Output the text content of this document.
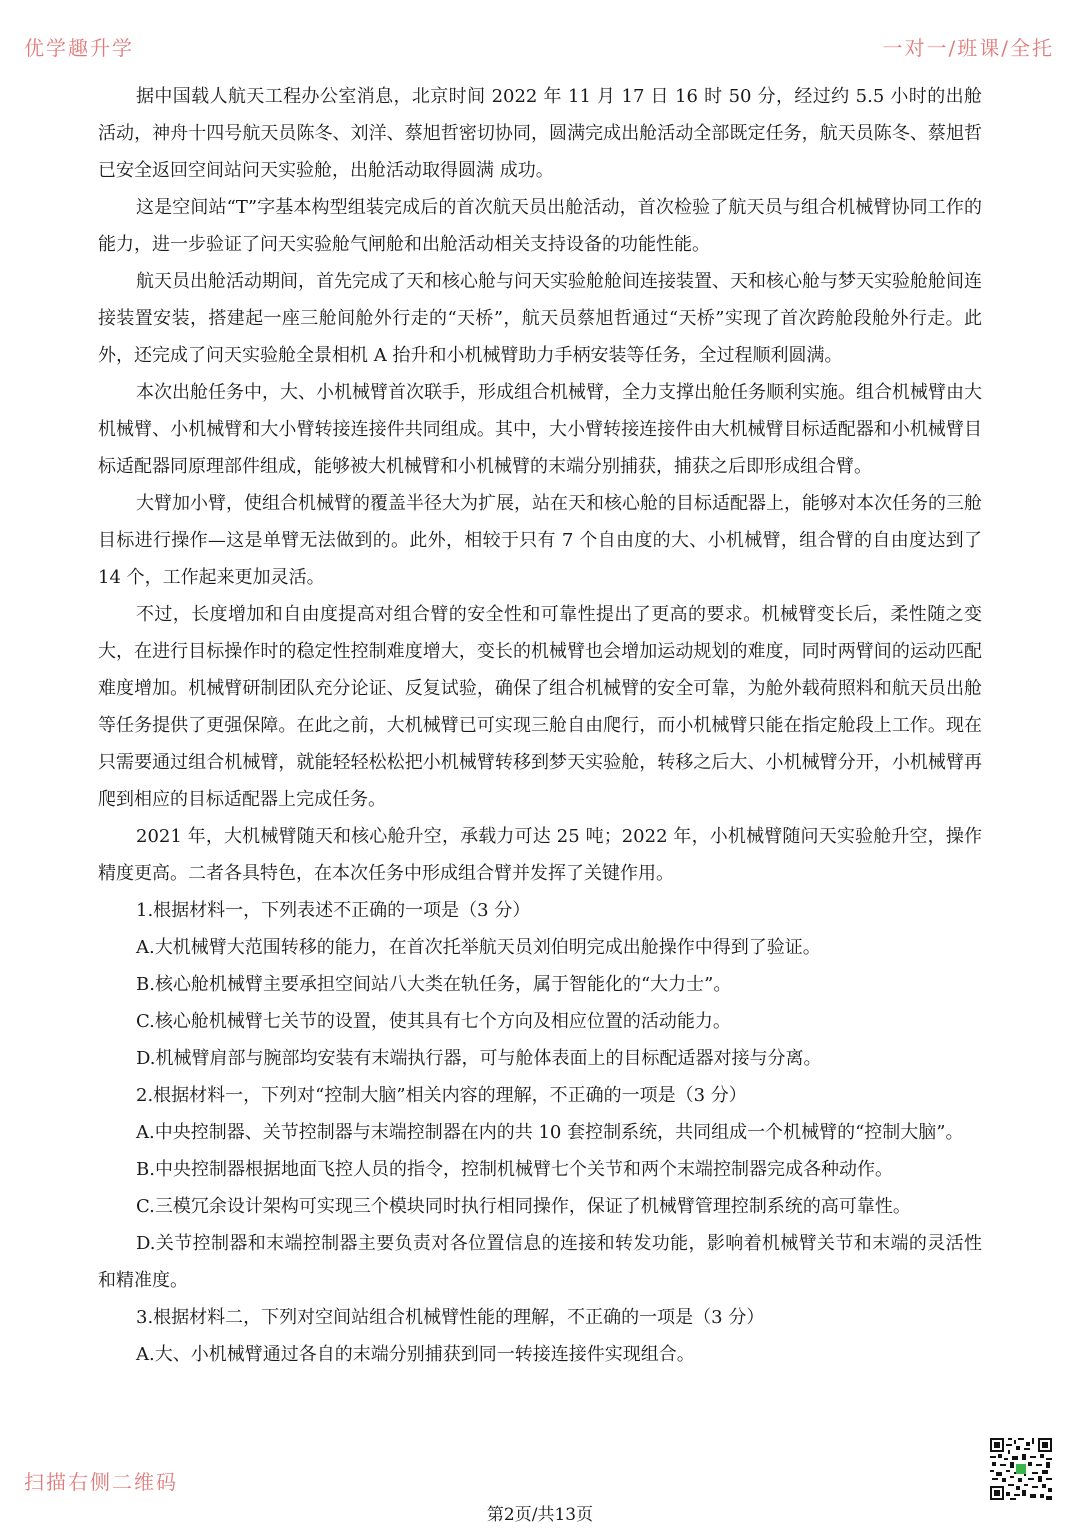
优学趣升学	一对一/班课/全托

据中国载人航天工程办公室消息，北京时间 2022 年 11 月 17 日 16 时 50 分，经过约 5.5 小时的出舱活动，神舟十四号航天员陈冬、刘洋、蔡旭哲密切协同，圆满完成出舱活动全部既定任务，航天员陈冬、蔡旭哲已安全返回空间站问天实验舱，出舱活动取得圆满 成功。

这是空间站“T”字基本构型组装完成后的首次航天员出舱活动，首次检验了航天员与组合机械臂协同工作的能力，进一步验证了问天实验舱气闸舱和出舱活动相关支持设备的功能性能。

航天员出舱活动期间，首先完成了天和核心舱与问天实验舱舱间连接装置、天和核心舱与梦天实验舱舱间连接装置安装，搭建起一座三舱间舱外行走的“天桥”，航天员蔡旭哲通过“天桥”实现了首次跨舱段舱外行走。此外，还完成了问天实验舱全景相机 A 抬升和小机械臂助力手柄安装等任务，全过程顺利圆满。

本次出舱任务中，大、小机械臂首次联手，形成组合机械臂，全力支撑出舱任务顺利实施。组合机械臂由大机械臂、小机械臂和大小臂转接连接件共同组成。其中，大小臂转接连接件由大机械臂目标适配器和小机械臂目标适配器同原理部件组成，能够被大机械臂和小机械臂的末端分别捕获，捕获之后即形成组合臂。

大臂加小臂，使组合机械臂的覆盖半径大为扩展，站在天和核心舱的目标适配器上，能够对本次任务的三舱目标进行操作—这是单臂无法做到的。此外，相较于只有 7 个自由度的大、小机械臂，组合臂的自由度达到了 14 个，工作起来更加灵活。

不过，长度增加和自由度提高对组合臂的安全性和可靠性提出了更高的要求。机械臂变长后，柔性随之变大，在进行目标操作时的稳定性控制难度增大，变长的机械臂也会增加运动规划的难度，同时两臂间的运动匹配难度增加。机械臂研制团队充分论证、反复试验，确保了组合机械臂的安全可靠，为舱外载荷照料和航天员出舱等任务提供了更强保障。在此之前，大机械臂已可实现三舱自由爬行，而小机械臂只能在指定舱段上工作。现在只需要通过组合机械臂，就能轻轻松松把小机械臂转移到梦天实验舱，转移之后大、小机械臂分开，小机械臂再爬到相应的目标适配器上完成任务。

2021 年，大机械臂随天和核心舱升空，承载力可达 25 吨；2022 年，小机械臂随问天实验舱升空，操作精度更高。二者各具特色，在本次任务中形成组合臂并发挥了关键作用。

1.根据材料一，下列表述不正确的一项是（3 分）

A.大机械臂大范围转移的能力，在首次托举航天员刘伯明完成出舱操作中得到了验证。

B.核心舱机械臂主要承担空间站八大类在轨任务，属于智能化的“大力士”。

C.核心舱机械臂七关节的设置，使其具有七个方向及相应位置的活动能力。

D.机械臂肩部与腕部均安装有末端执行器，可与舱体表面上的目标配适器对接与分离。

2.根据材料一，下列对“控制大脑”相关内容的理解，不正确的一项是（3 分）

A.中央控制器、关节控制器与末端控制器在内的共 10 套控制系统，共同组成一个机械臂的“控制大脑”。

B.中央控制器根据地面飞控人员的指令，控制机械臂七个关节和两个末端控制器完成各种动作。

C.三模冗余设计架构可实现三个模块同时执行相同操作，保证了机械臂管理控制系统的高可靠性。

D.关节控制器和末端控制器主要负责对各位置信息的连接和转发功能，影响着机械臂关节和末端的灵活性和精准度。

3.根据材料二，下列对空间站组合机械臂性能的理解，不正确的一项是（3 分）

A.大、小机械臂通过各自的末端分别捕获到同一转接连接件实现组合。

扫描右侧二维码
第2页/共13页
